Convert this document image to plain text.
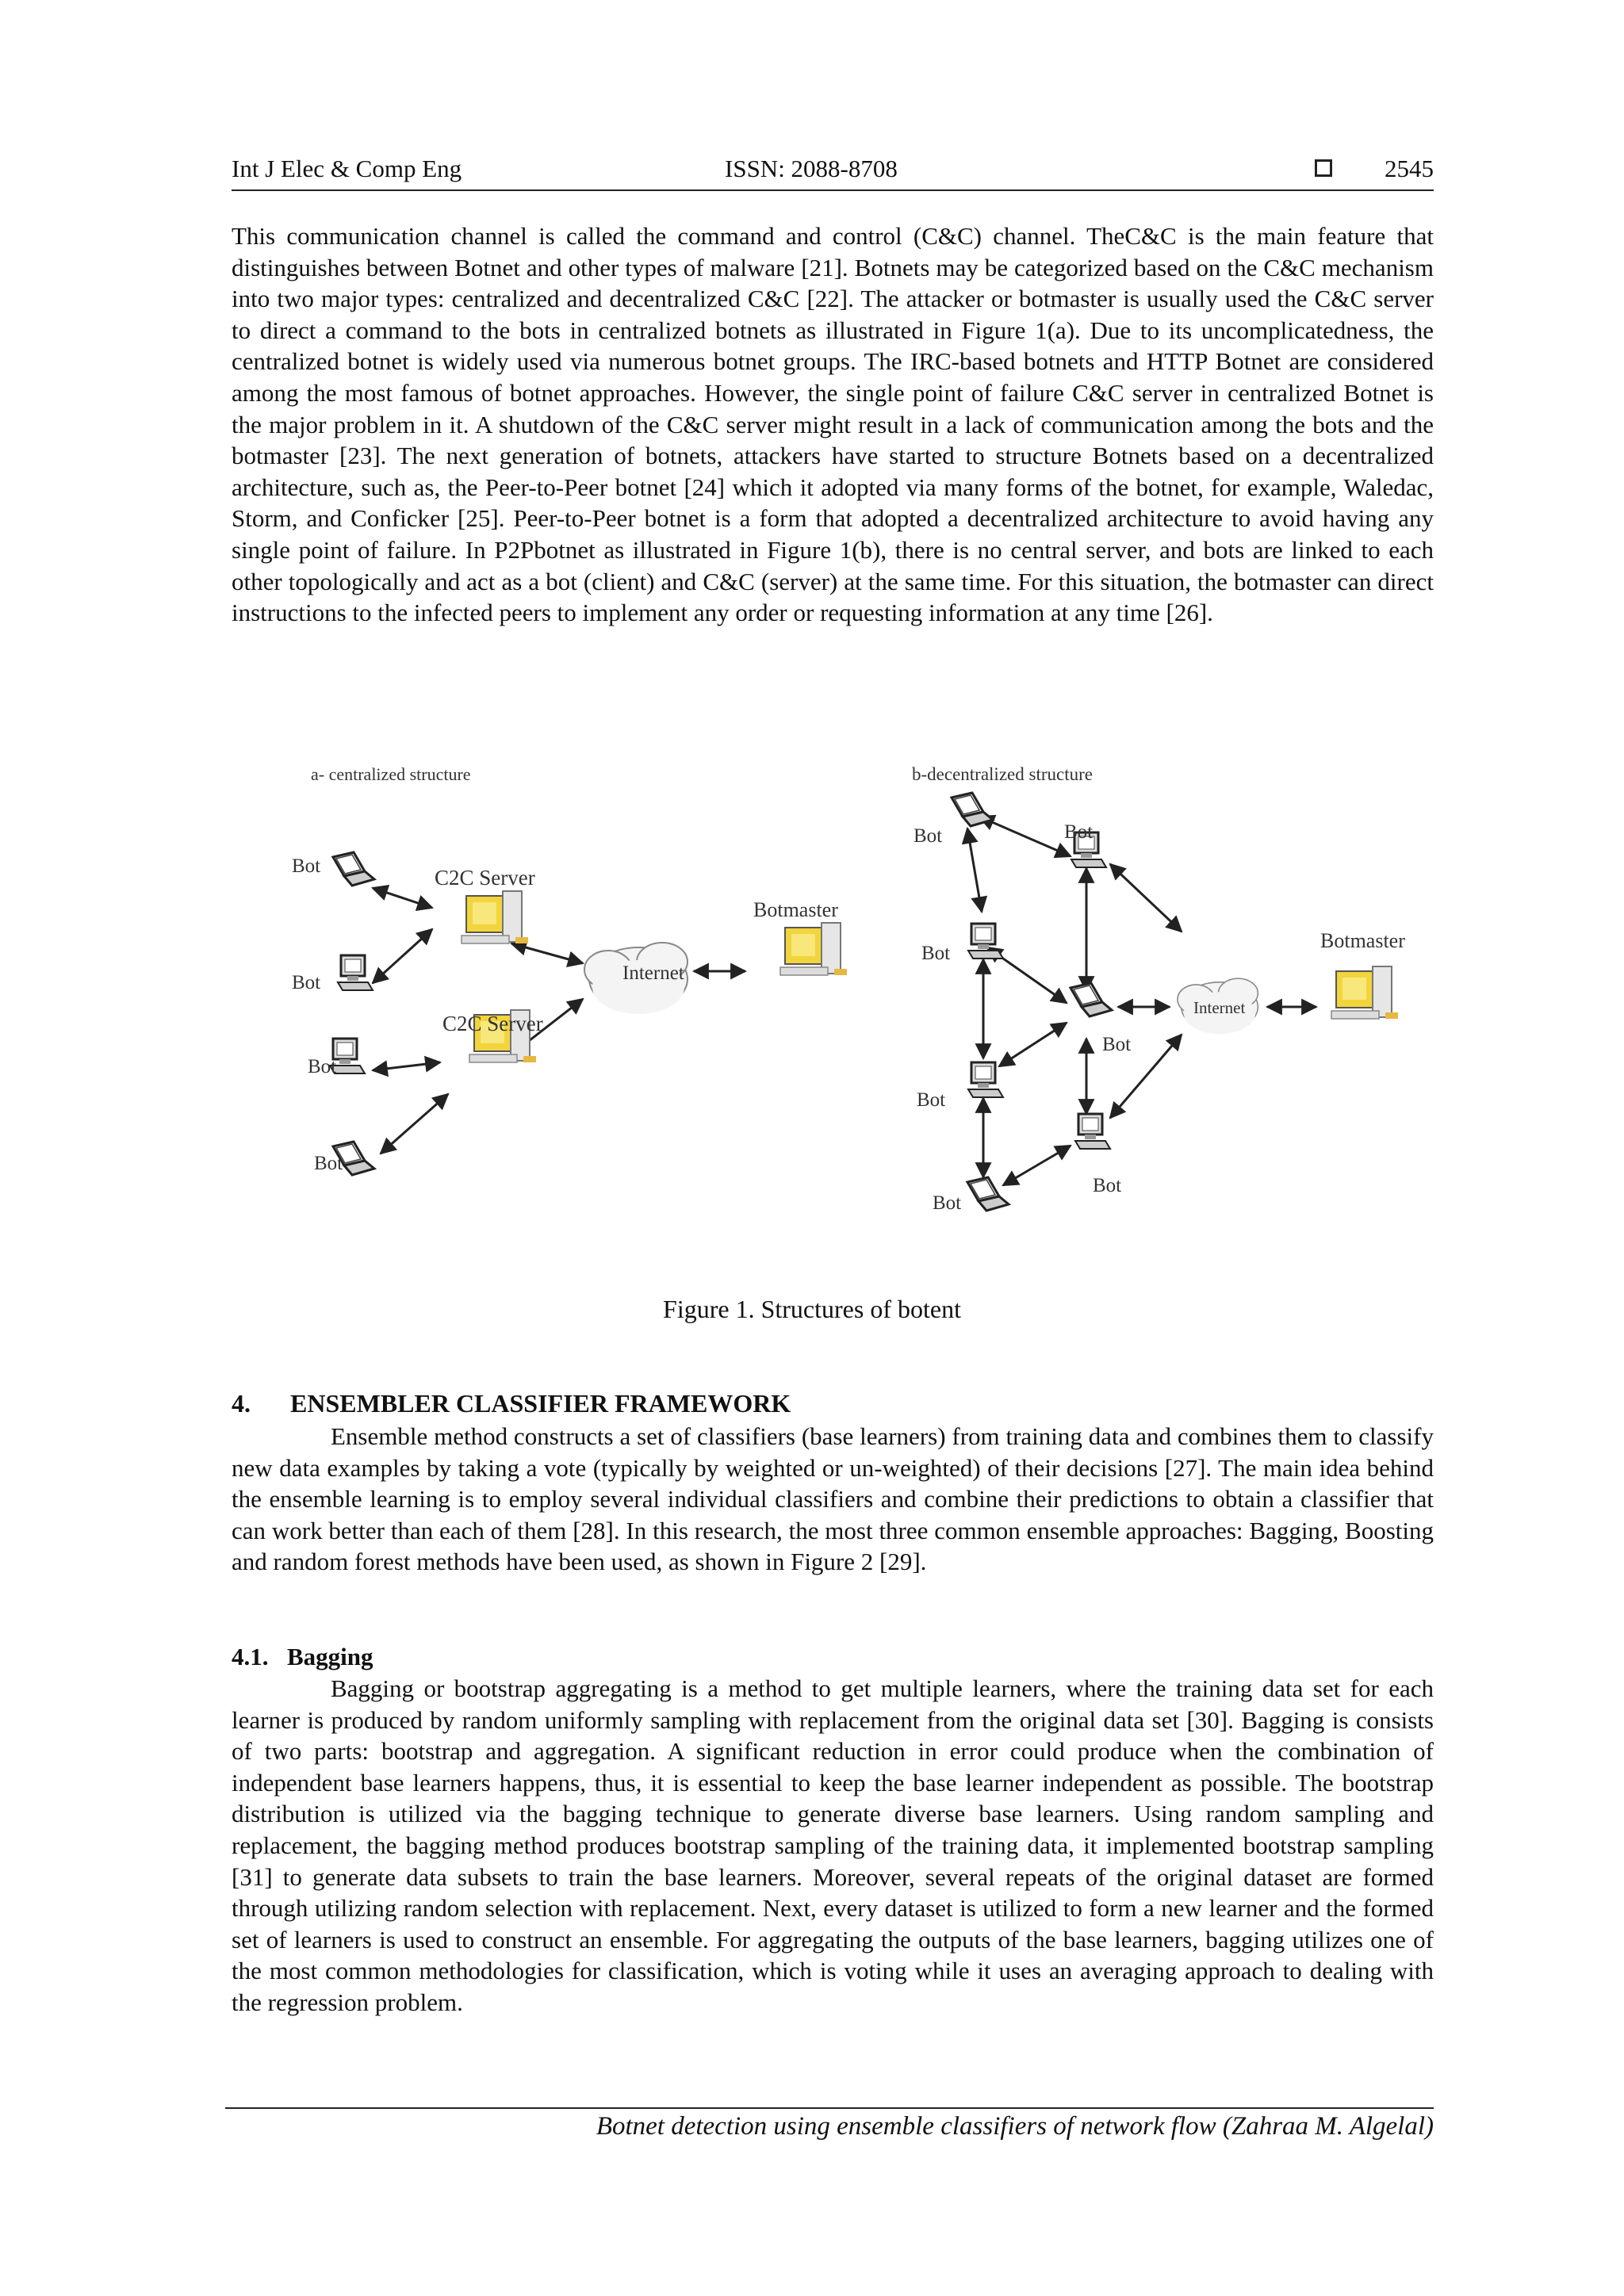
Int J Elec & Comp Eng	ISSN: 2088-8708	2545

This communication channel is called the command and control (C&C) channel. TheC&C is the main feature that distinguishes between Botnet and other types of malware [21]. Botnets may be categorized based on the C&C mechanism into two major types: centralized and decentralized C&C [22]. The attacker or botmaster is usually used the C&C server to direct a command to the bots in centralized botnets as illustrated in Figure 1(a). Due to its uncomplicatedness, the centralized botnet is widely used via numerous botnet groups. The IRC-based botnets and HTTP Botnet are considered among the most famous of botnet approaches. However, the single point of failure C&C server in centralized Botnet is the major problem in it. A shutdown of the C&C server might result in a lack of communication among the bots and the botmaster [23]. The next generation of botnets, attackers have started to structure Botnets based on a decentralized architecture, such as, the Peer-to-Peer botnet [24] which it adopted via many forms of the botnet, for example, Waledac, Storm, and Conficker [25]. Peer-to-Peer botnet is a form that adopted a decentralized architecture to avoid having any single point of failure. In P2Pbotnet as illustrated in Figure 1(b), there is no central server, and bots are linked to each other topologically and act as a bot (client) and C&C (server) at the same time. For this situation, the botmaster can direct instructions to the infected peers to implement any order or requesting information at any time [26].

a- centralized structure	b-decentralized structure
Bot
Bot
Bot
Bot
C2C Server
C2C Server
Internet
Botmaster
Bot	Bot
Bot
Bot
Bot
Bot
Bot
Internet
Botmaster
Figure 1. Structures of botent
4. ENSEMBLER CLASSIFIER FRAMEWORK

Ensemble method constructs a set of classifiers (base learners) from training data and combines them to classify new data examples by taking a vote (typically by weighted or un-weighted) of their decisions [27]. The main idea behind the ensemble learning is to employ several individual classifiers and combine their predictions to obtain a classifier that can work better than each of them [28]. In this research, the most three common ensemble approaches: Bagging, Boosting and random forest methods have been used, as shown in Figure 2 [29].

4.1. Bagging

Bagging or bootstrap aggregating is a method to get multiple learners, where the training data set for each learner is produced by random uniformly sampling with replacement from the original data set [30]. Bagging is consists of two parts: bootstrap and aggregation. A significant reduction in error could produce when the combination of independent base learners happens, thus, it is essential to keep the base learner independent as possible. The bootstrap distribution is utilized via the bagging technique to generate diverse base learners. Using random sampling and replacement, the bagging method produces bootstrap sampling of the training data, it implemented bootstrap sampling [31] to generate data subsets to train the base learners. Moreover, several repeats of the original dataset are formed through utilizing random selection with replacement. Next, every dataset is utilized to form a new learner and the formed set of learners is used to construct an ensemble. For aggregating the outputs of the base learners, bagging utilizes one of the most common methodologies for classification, which is voting while it uses an averaging approach to dealing with the regression problem.

Botnet detection using ensemble classifiers of network flow (Zahraa M. Algelal)
